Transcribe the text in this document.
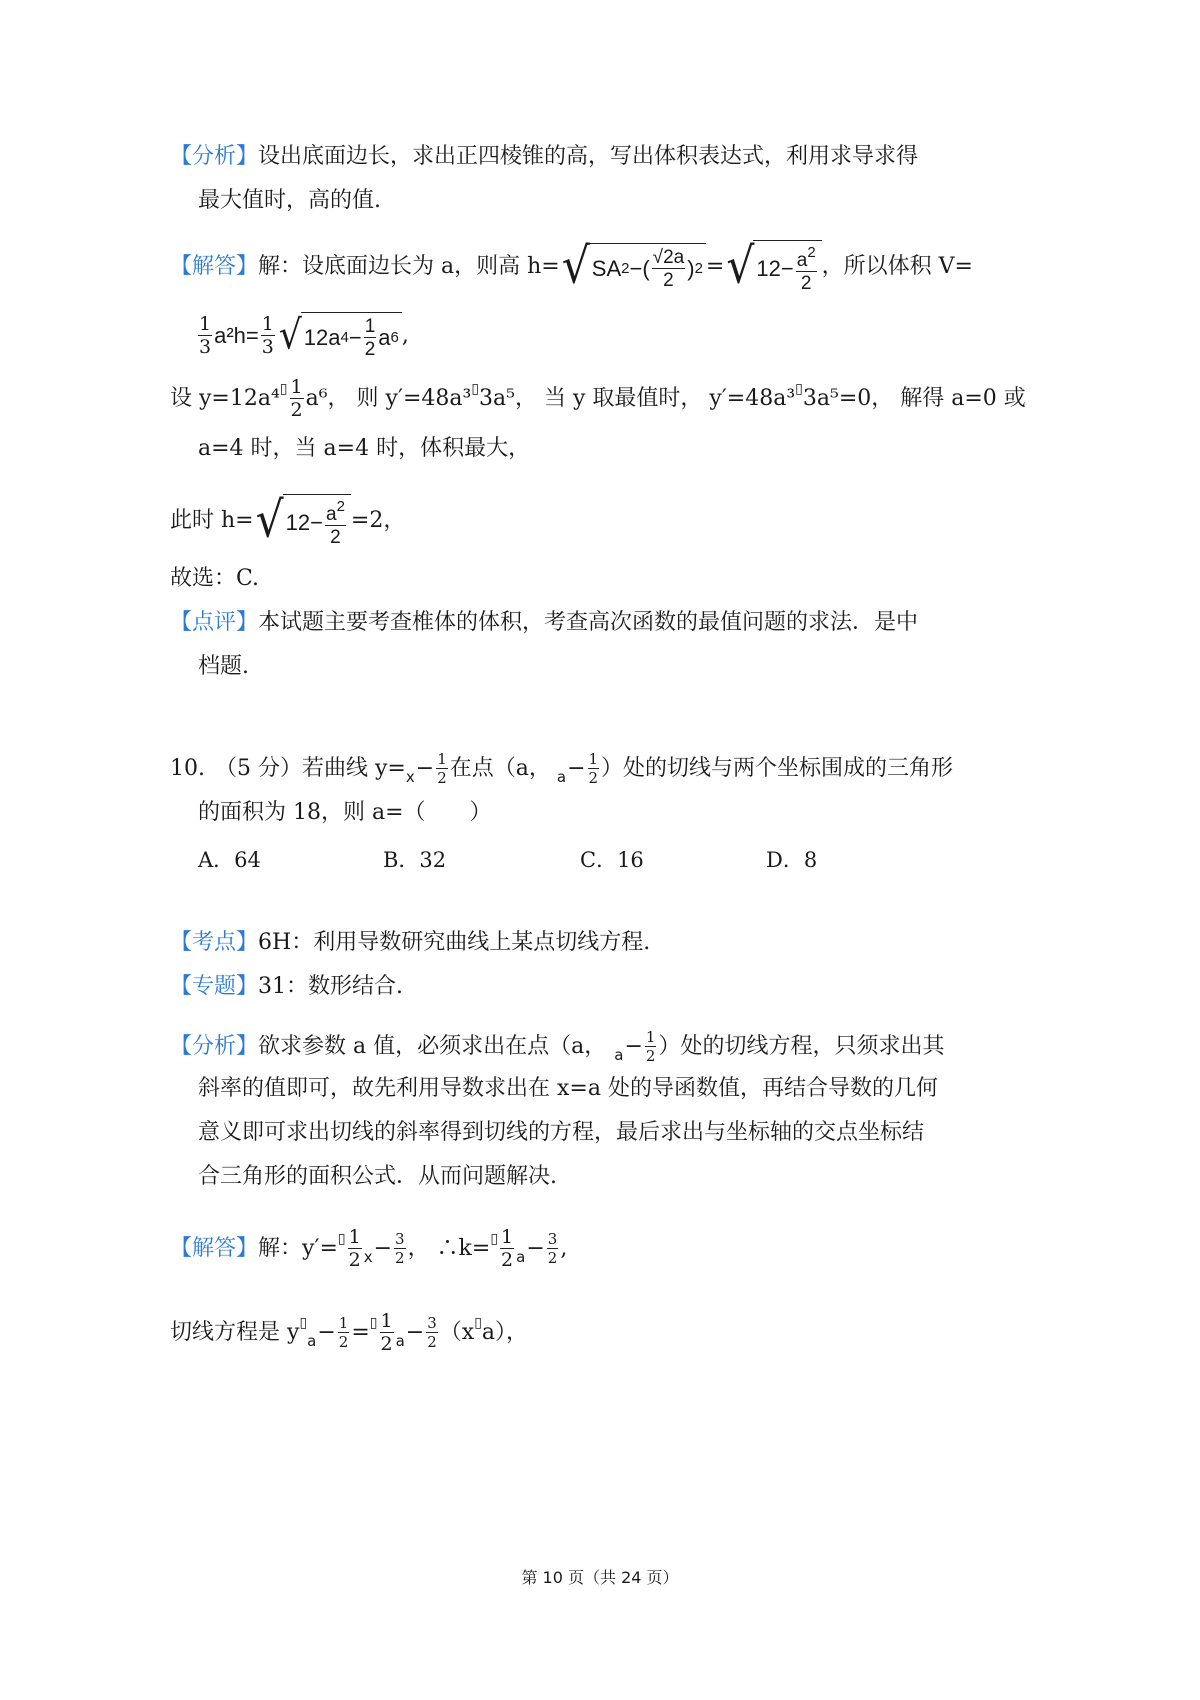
【分析】设出底面边长，求出正四棱锥的高，写出体积表达式，利用求导求得
最大值时，高的值.
【解答】 解：设底面边长为 a，则高 h= √ SA 2 − ( $\frac{√2a}{2}$ ) 2 = √ $12 - \frac{a^2}{2}$ ，所以体积 V=
$\frac{1}{3} a^2h= \frac{1}{3}$ √ 12a $4 - \frac{1}{2}$ a 6 ,
设 y=12a⁴ ▯ $\frac{1}{2} a^6$， 则 y′=48a³ ▯ 3a⁵， 当 y 取最值时， y′=48a³ ▯ 3a⁵=0， 解得 a=0 或
a=4 时，当 a=4 时，体积最大，
此时 h= √ $12 - \frac{a^2}{2} =2$，
故选：C.
【点评】本试题主要考查椎体的体积，考查高次函数的最值问题的求法．是中
档题.
10. （5 分）若曲线 $y= x - \frac{1}{2}$ 在点（a， $a - \frac{1}{2}$ ）处的切线与两个坐标围成的三角形
的面积为 18，则 a=（　　）
A．64	B．32	C．16	D．8
【考点】6H：利用导数研究曲线上某点切线方程.
【专题】31：数形结合.
【分析】 欲求参数 a 值，必须求出在点（a， $a - \frac{1}{2}$ ）处的切线方程，只须求出其
斜率的值即可，故先利用导数求出在 x=a 处的导函数值，再结合导数的几何
意义即可求出切线的斜率得到切线的方程，最后求出与坐标轴的交点坐标结
合三角形的面积公式．从而问题解决.
【解答】 解：y′= ▯ $\frac{1}{2}$ $x - \frac{3}{2}$ ， ∴k= ▯ $\frac{1}{2}$ $a - \frac{3}{2}$ ,
切线方程是 y ▯
$a - \frac{1}{2}$ = ▯ $\frac{1}{2}$ $a - \frac{3}{2} (x$ ▯ a），
第 10 页（共 24 页）
